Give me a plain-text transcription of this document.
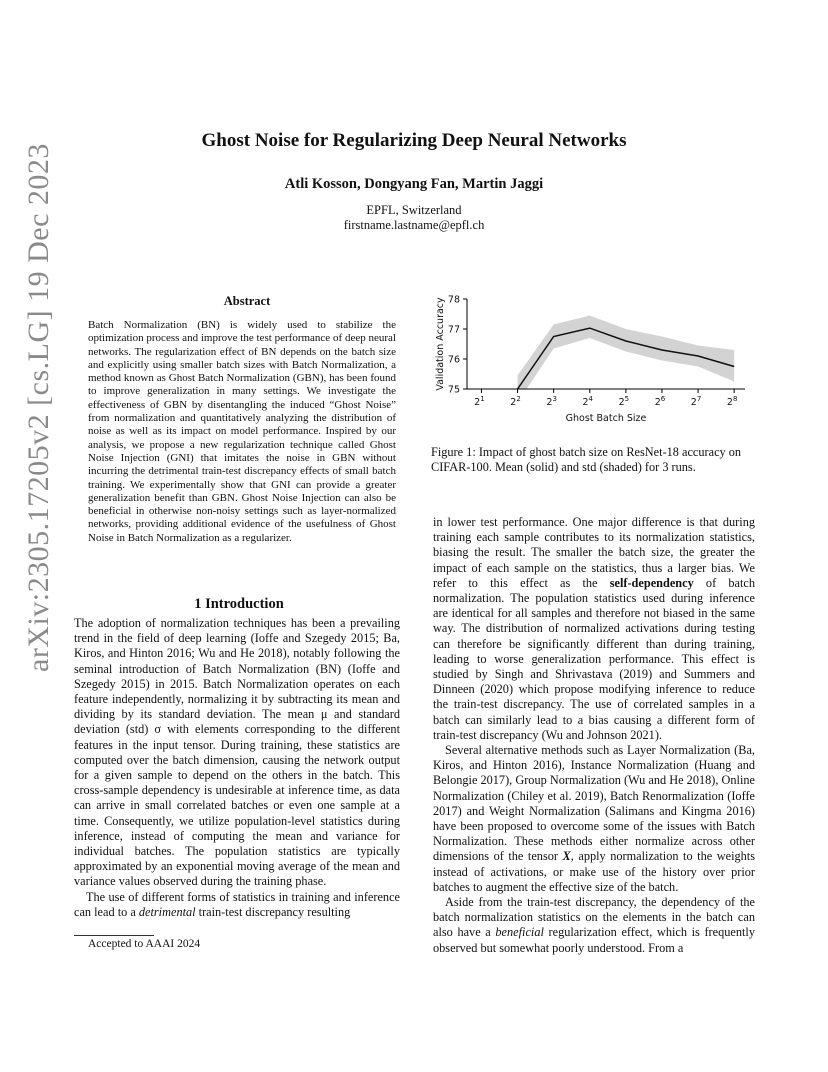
arXiv:2305.17205v2 [cs.LG] 19 Dec 2023
Ghost Noise for Regularizing Deep Neural Networks
Atli Kosson, Dongyang Fan, Martin Jaggi
EPFL, Switzerland
firstname.lastname@epfl.ch
Abstract
Batch Normalization (BN) is widely used to stabilize the optimization process and improve the test performance of deep neural networks. The regularization effect of BN depends on the batch size and explicitly using smaller batch sizes with Batch Normalization, a method known as Ghost Batch Normalization (GBN), has been found to improve generalization in many settings. We investigate the effectiveness of GBN by disentangling the induced “Ghost Noise” from normalization and quantitatively analyzing the distribution of noise as well as its impact on model performance. Inspired by our analysis, we propose a new regularization technique called Ghost Noise Injection (GNI) that imitates the noise in GBN without incurring the detrimental train-test discrepancy effects of small batch training. We experimentally show that GNI can provide a greater generalization benefit than GBN. Ghost Noise Injection can also be beneficial in otherwise non-noisy settings such as layer-normalized networks, providing additional evidence of the usefulness of Ghost Noise in Batch Normalization as a regularizer.
1 Introduction

The adoption of normalization techniques has been a prevailing trend in the field of deep learning (Ioffe and Szegedy 2015; Ba, Kiros, and Hinton 2016; Wu and He 2018), notably following the seminal introduction of Batch Normalization (BN) (Ioffe and Szegedy 2015) in 2015. Batch Normalization operates on each feature independently, normalizing it by subtracting its mean and dividing by its standard deviation. The mean μ and standard deviation (std) σ with elements corresponding to the different features in the input tensor. During training, these statistics are computed over the batch dimension, causing the network output for a given sample to depend on the others in the batch. This cross-sample dependency is undesirable at inference time, as data can arrive in small correlated batches or even one sample at a time. Consequently, we utilize population-level statistics during inference, instead of computing the mean and variance for individual batches. The population statistics are typically approximated by an exponential moving average of the mean and variance values observed during the training phase.

The use of different forms of statistics in training and inference can lead to a detrimental train-test discrepancy resulting

Accepted to AAAI 2024
75
76
77
78
$2^1$	$2^2$	$2^3$	$2^4$	$2^5$	$2^6$	$2^7$	$2^8$
Ghost Batch Size
Validation Accuracy
Figure 1: Impact of ghost batch size on ResNet-18 accuracy on CIFAR-100. Mean (solid) and std (shaded) for 3 runs.

in lower test performance. One major difference is that during training each sample contributes to its normalization statistics, biasing the result. The smaller the batch size, the greater the impact of each sample on the statistics, thus a larger bias. We refer to this effect as the self-dependency of batch normalization. The population statistics used during inference are identical for all samples and therefore not biased in the same way. The distribution of normalized activations during testing can therefore be significantly different than during training, leading to worse generalization performance. This effect is studied by Singh and Shrivastava (2019) and Summers and Dinneen (2020) which propose modifying inference to reduce the train-test discrepancy. The use of correlated samples in a batch can similarly lead to a bias causing a different form of train-test discrepancy (Wu and Johnson 2021).

Several alternative methods such as Layer Normalization (Ba, Kiros, and Hinton 2016), Instance Normalization (Huang and Belongie 2017), Group Normalization (Wu and He 2018), Online Normalization (Chiley et al. 2019), Batch Renormalization (Ioffe 2017) and Weight Normalization (Salimans and Kingma 2016) have been proposed to overcome some of the issues with Batch Normalization. These methods either normalize across other dimensions of the tensor X, apply normalization to the weights instead of activations, or make use of the history over prior batches to augment the effective size of the batch.

Aside from the train-test discrepancy, the dependency of the batch normalization statistics on the elements in the batch can also have a beneficial regularization effect, which is frequently observed but somewhat poorly understood. From a
